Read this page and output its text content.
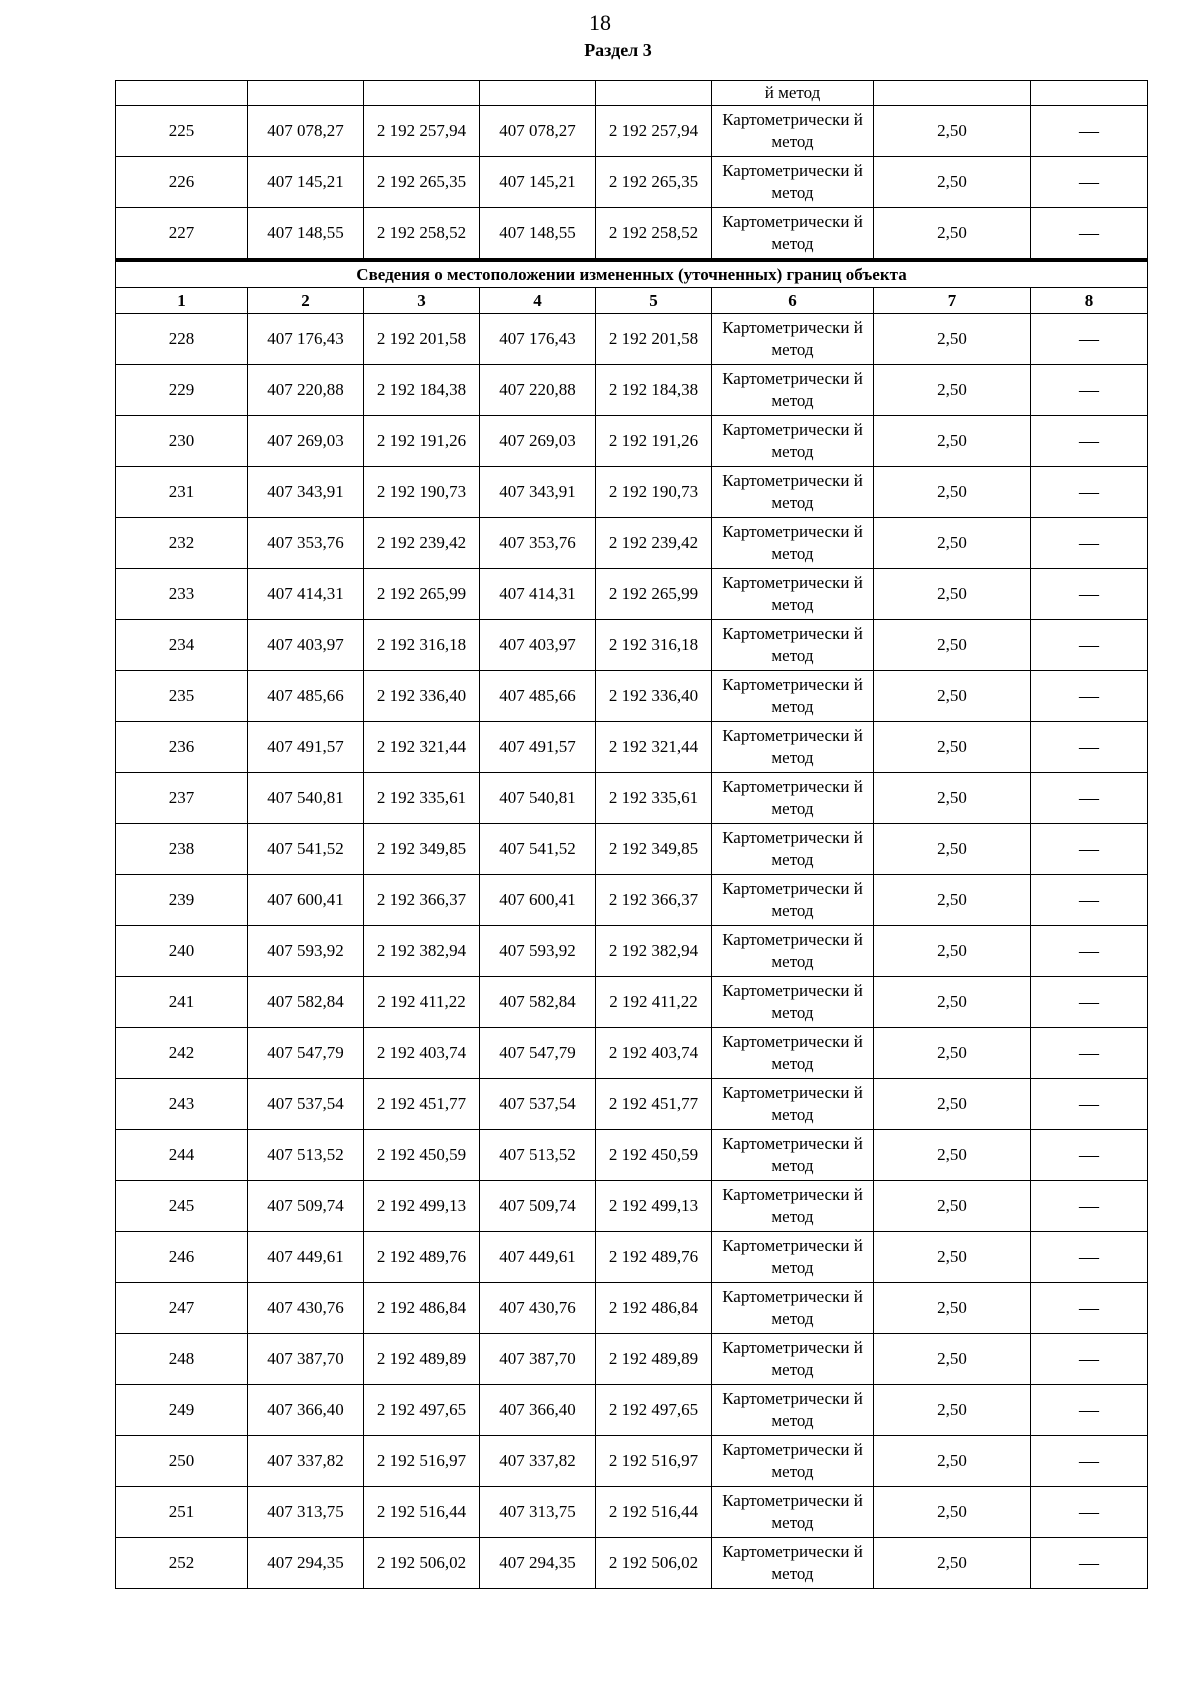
18
Раздел 3
					й метод		
225	407 078,27	2 192 257,94	407 078,27	2 192 257,94	Картометрически й метод	2,50	—
226	407 145,21	2 192 265,35	407 145,21	2 192 265,35	Картометрически й метод	2,50	—
227	407 148,55	2 192 258,52	407 148,55	2 192 258,52	Картометрически й метод	2,50	—
Сведения о местоположении измененных (уточненных) границ объекта							
1	2	3	4	5	6	7	8
228	407 176,43	2 192 201,58	407 176,43	2 192 201,58	Картометрически й метод	2,50	—
229	407 220,88	2 192 184,38	407 220,88	2 192 184,38	Картометрически й метод	2,50	—
230	407 269,03	2 192 191,26	407 269,03	2 192 191,26	Картометрически й метод	2,50	—
231	407 343,91	2 192 190,73	407 343,91	2 192 190,73	Картометрически й метод	2,50	—
232	407 353,76	2 192 239,42	407 353,76	2 192 239,42	Картометрически й метод	2,50	—
233	407 414,31	2 192 265,99	407 414,31	2 192 265,99	Картометрически й метод	2,50	—
234	407 403,97	2 192 316,18	407 403,97	2 192 316,18	Картометрически й метод	2,50	—
235	407 485,66	2 192 336,40	407 485,66	2 192 336,40	Картометрически й метод	2,50	—
236	407 491,57	2 192 321,44	407 491,57	2 192 321,44	Картометрически й метод	2,50	—
237	407 540,81	2 192 335,61	407 540,81	2 192 335,61	Картометрически й метод	2,50	—
238	407 541,52	2 192 349,85	407 541,52	2 192 349,85	Картометрически й метод	2,50	—
239	407 600,41	2 192 366,37	407 600,41	2 192 366,37	Картометрически й метод	2,50	—
240	407 593,92	2 192 382,94	407 593,92	2 192 382,94	Картометрически й метод	2,50	—
241	407 582,84	2 192 411,22	407 582,84	2 192 411,22	Картометрически й метод	2,50	—
242	407 547,79	2 192 403,74	407 547,79	2 192 403,74	Картометрически й метод	2,50	—
243	407 537,54	2 192 451,77	407 537,54	2 192 451,77	Картометрически й метод	2,50	—
244	407 513,52	2 192 450,59	407 513,52	2 192 450,59	Картометрически й метод	2,50	—
245	407 509,74	2 192 499,13	407 509,74	2 192 499,13	Картометрически й метод	2,50	—
246	407 449,61	2 192 489,76	407 449,61	2 192 489,76	Картометрически й метод	2,50	—
247	407 430,76	2 192 486,84	407 430,76	2 192 486,84	Картометрически й метод	2,50	—
248	407 387,70	2 192 489,89	407 387,70	2 192 489,89	Картометрически й метод	2,50	—
249	407 366,40	2 192 497,65	407 366,40	2 192 497,65	Картометрически й метод	2,50	—
250	407 337,82	2 192 516,97	407 337,82	2 192 516,97	Картометрически й метод	2,50	—
251	407 313,75	2 192 516,44	407 313,75	2 192 516,44	Картометрически й метод	2,50	—
252	407 294,35	2 192 506,02	407 294,35	2 192 506,02	Картометрически й метод	2,50	—
